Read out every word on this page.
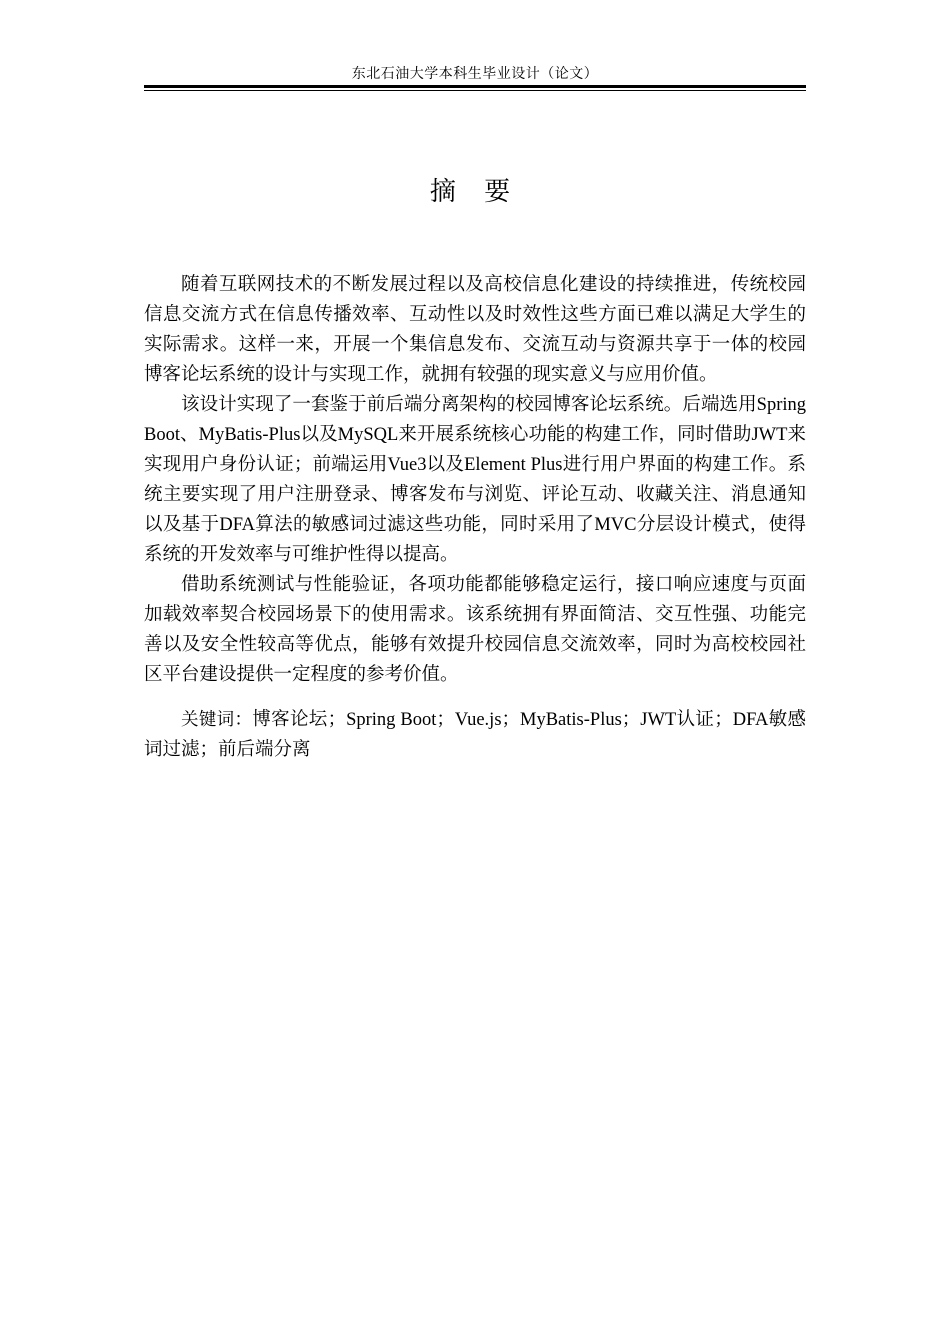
东北石油大学本科生毕业设计（论文）
摘 要

随着互联网技术的不断发展过程以及高校信息化建设的持续推进，传统校园信息交流方式在信息传播效率、互动性以及时效性这些方面已难以满足大学生的实际需求。这样一来，开展一个集信息发布、交流互动与资源共享于一体的校园博客论坛系统的设计与实现工作，就拥有较强的现实意义与应用价值。

该设计实现了一套鉴于前后端分离架构的校园博客论坛系统。后端选用Spring Boot、MyBatis-Plus以及MySQL来开展系统核心功能的构建工作，同时借助JWT来实现用户身份认证；前端运用Vue3以及Element Plus进行用户界面的构建工作。系统主要实现了用户注册登录、博客发布与浏览、评论互动、收藏关注、消息通知以及基于DFA算法的敏感词过滤这些功能，同时采用了MVC分层设计模式，使得系统的开发效率与可维护性得以提高。

借助系统测试与性能验证，各项功能都能够稳定运行，接口响应速度与页面加载效率契合校园场景下的使用需求。该系统拥有界面简洁、交互性强、功能完善以及安全性较高等优点，能够有效提升校园信息交流效率，同时为高校校园社区平台建设提供一定程度的参考价值。

关键词：博客论坛；Spring Boot；Vue.js；MyBatis-Plus；JWT认证；DFA敏感词过滤；前后端分离
